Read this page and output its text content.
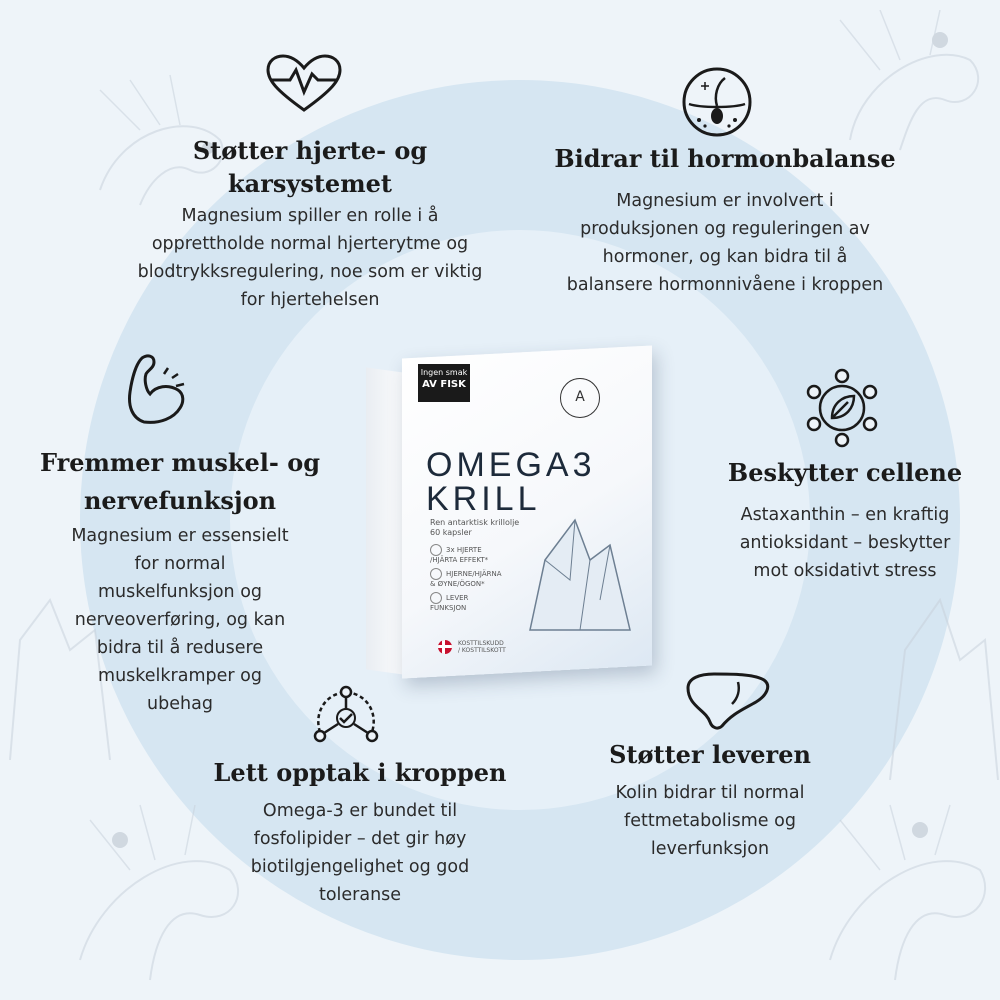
Støtter hjerte- og
karsystemet

Magnesium spiller en rolle i å
opprettholde normal hjerterytme og
blodtrykksregulering, noe som er viktig
for hjertehelsen

Bidrar til hormonbalanse

Magnesium er involvert i
produksjonen og reguleringen av
hormoner, og kan bidra til å
balansere hormonnivåene i kroppen

Fremmer muskel- og
nervefunksjon

Magnesium er essensielt
for normal
muskelfunksjon og
nerveoverføring, og kan
bidra til å redusere
muskelkramper og
ubehag

Beskytter cellene

Astaxanthin – en kraftig
antioksidant – beskytter
mot oksidativt stress

Lett opptak i kroppen

Omega-3 er bundet til
fosfolipider – det gir høy
biotilgjengelighet og god
toleranse

Støtter leveren

Kolin bidrar til normal
fettmetabolisme og
leverfunksjon

Ingen smak
AV FISK
A
OMEGA3
KRILL
Ren antarktisk krillolje
60 kapsler
3x HJERTE
/HJÄRTA EFFEKT*
HJERNE/HJÄRNA
& ØYNE/ÖGON*
LEVER
FUNKSJON
KOSTTILSKUDD
/ KOSTTILSKOTT
